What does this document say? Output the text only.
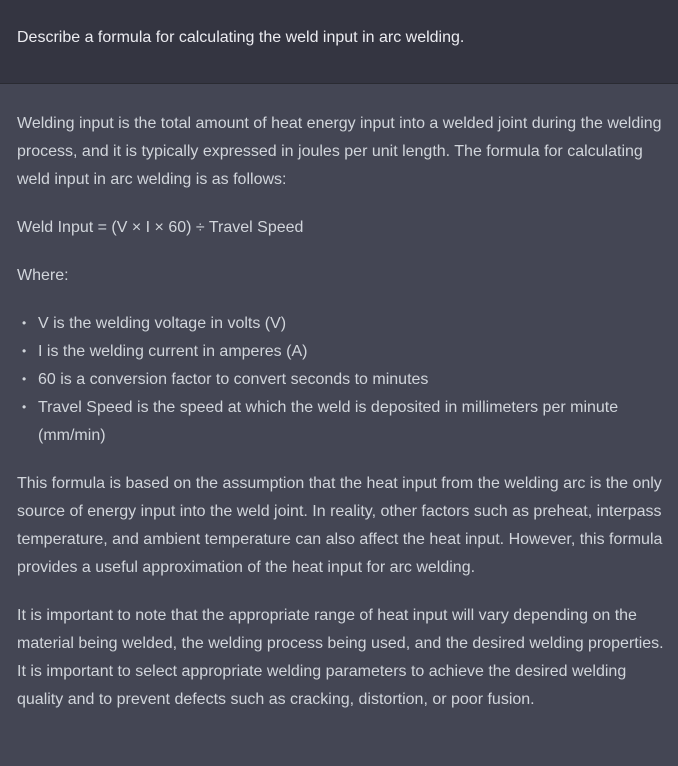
Describe a formula for calculating the weld input in arc welding.

Welding input is the total amount of heat energy input into a welded joint during the welding process, and it is typically expressed in joules per unit length. The formula for calculating weld input in arc welding is as follows:

Weld Input = (V × I × 60) ÷ Travel Speed

Where:

• V is the welding voltage in volts (V)
• I is the welding current in amperes (A)
• 60 is a conversion factor to convert seconds to minutes
• Travel Speed is the speed at which the weld is deposited in millimeters per minute (mm/min)

This formula is based on the assumption that the heat input from the welding arc is the only source of energy input into the weld joint. In reality, other factors such as preheat, interpass temperature, and ambient temperature can also affect the heat input. However, this formula provides a useful approximation of the heat input for arc welding.

It is important to note that the appropriate range of heat input will vary depending on the material being welded, the welding process being used, and the desired welding properties. It is important to select appropriate welding parameters to achieve the desired welding quality and to prevent defects such as cracking, distortion, or poor fusion.
